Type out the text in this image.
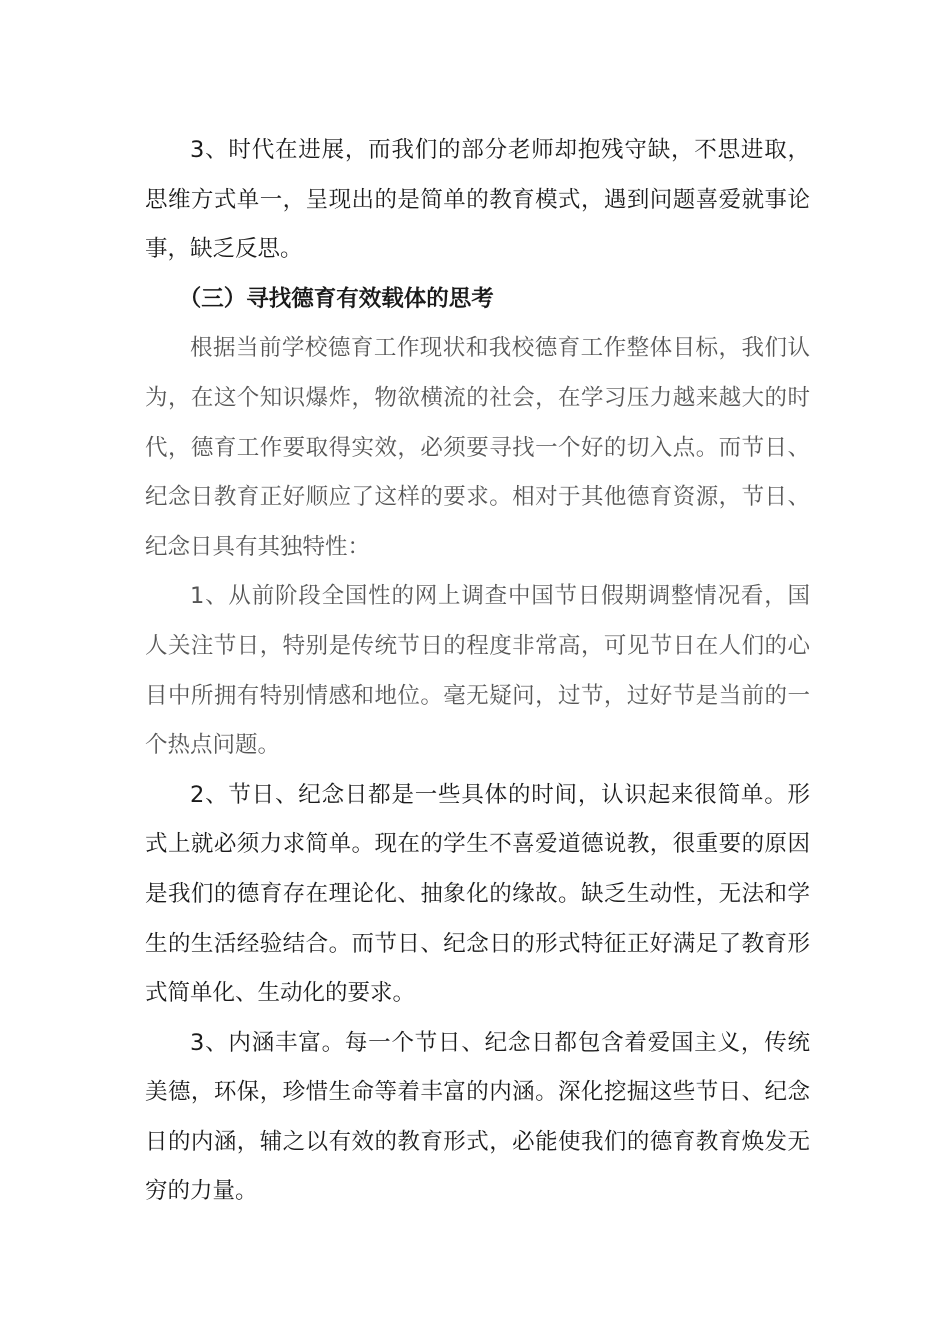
3、时代在进展，而我们的部分老师却抱残守缺，不思进取，思维方式单一，呈现出的是简单的教育模式，遇到问题喜爱就事论事，缺乏反思。

（三）寻找德育有效载体的思考

根据当前学校德育工作现状和我校德育工作整体目标，我们认为，在这个知识爆炸，物欲横流的社会，在学习压力越来越大的时代，德育工作要取得实效，必须要寻找一个好的切入点。而节日、纪念日教育正好顺应了这样的要求。相对于其他德育资源，节日、纪念日具有其独特性：

1、从前阶段全国性的网上调查中国节日假期调整情况看，国人关注节日，特别是传统节日的程度非常高，可见节日在人们的心目中所拥有特别情感和地位。毫无疑问，过节，过好节是当前的一个热点问题。

2、节日、纪念日都是一些具体的时间，认识起来很简单。形式上就必须力求简单。现在的学生不喜爱道德说教，很重要的原因是我们的德育存在理论化、抽象化的缘故。缺乏生动性，无法和学生的生活经验结合。而节日、纪念日的形式特征正好满足了教育形式简单化、生动化的要求。

3、内涵丰富。每一个节日、纪念日都包含着爱国主义，传统美德，环保，珍惜生命等着丰富的内涵。深化挖掘这些节日、纪念日的内涵，辅之以有效的教育形式，必能使我们的德育教育焕发无穷的力量。
